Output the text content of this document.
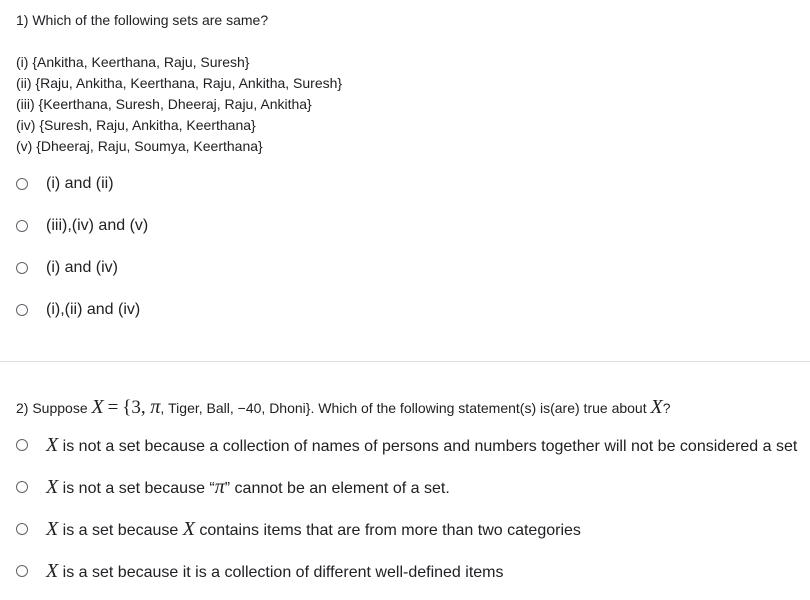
1) Which of the following sets are same?
(i) {Ankitha, Keerthana, Raju, Suresh}
(ii) {Raju, Ankitha, Keerthana, Raju, Ankitha, Suresh}
(iii) {Keerthana, Suresh, Dheeraj, Raju, Ankitha}
(iv) {Suresh, Raju, Ankitha, Keerthana}
(v) {Dheeraj, Raju, Soumya, Keerthana}
(i) and (ii)
(iii),(iv) and (v)
(i) and (iv)
(i),(ii) and (iv)
2) Suppose X = {3, π, Tiger, Ball, −40, Dhoni}. Which of the following statement(s) is(are) true about X?
X is not a set because a collection of names of persons and numbers together will not be considered a set
X is not a set because “π” cannot be an element of a set.
X is a set because X contains items that are from more than two categories
X is a set because it is a collection of different well-defined items
